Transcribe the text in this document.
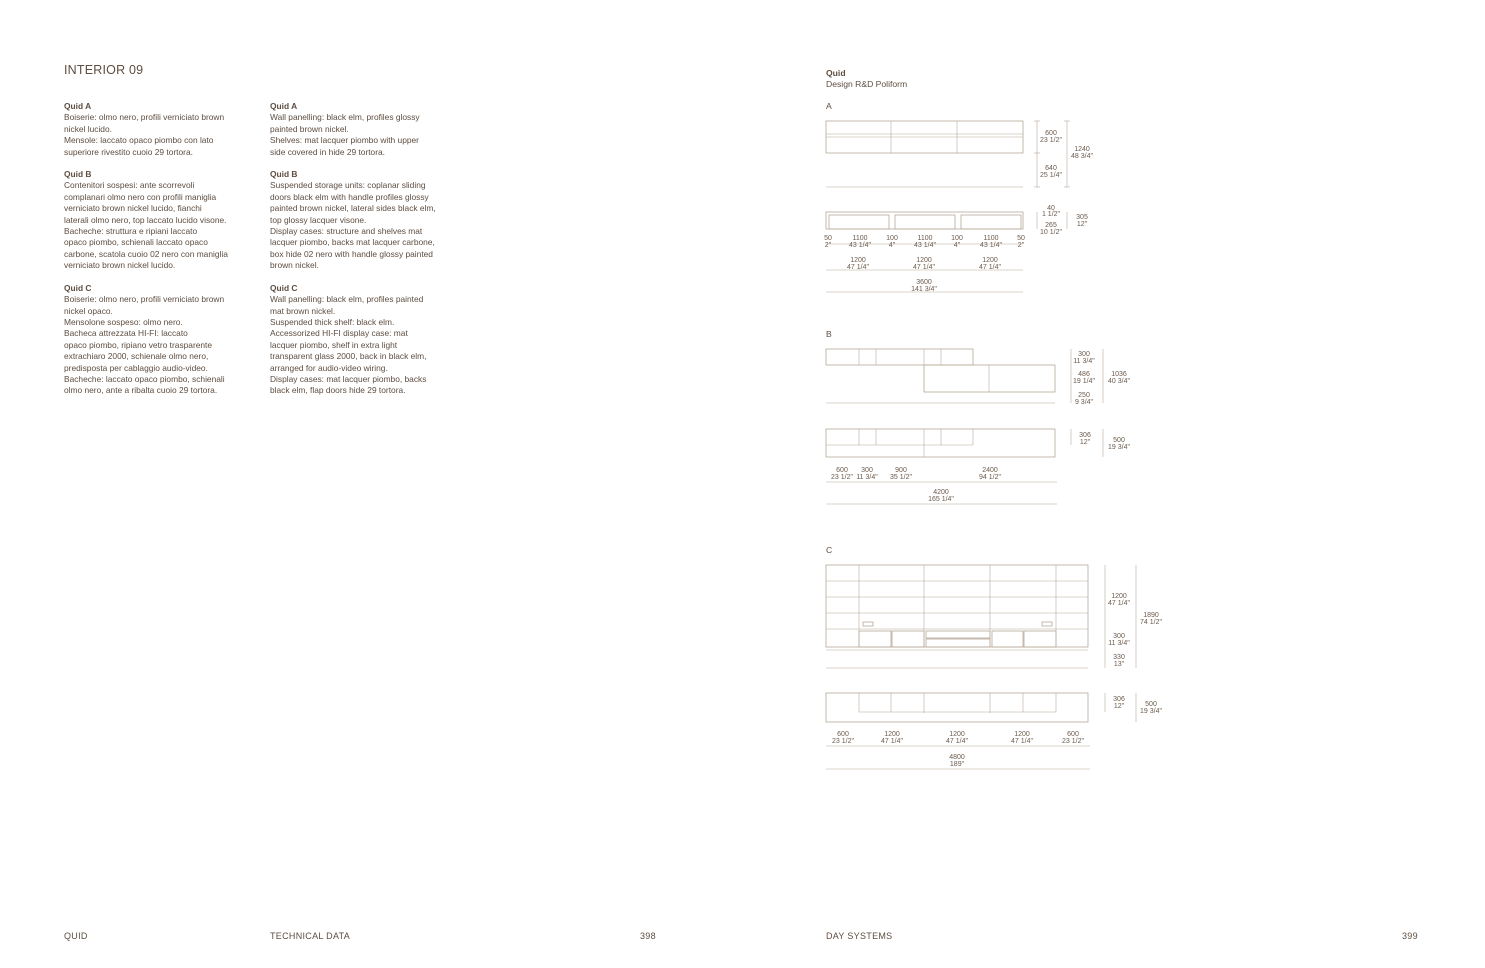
INTERIOR 09
Quid A
Boiserie: olmo nero, profili verniciato brown
nickel lucido.
Mensole: laccato opaco piombo con lato
superiore rivestito cuoio 29 tortora.
Quid B
Contenitori sospesi: ante scorrevoli
complanari olmo nero con profili maniglia
verniciato brown nickel lucido, fianchi
laterali olmo nero, top laccato lucido visone.
Bacheche: struttura e ripiani laccato
opaco piombo, schienali laccato opaco
carbone, scatola cuoio 02 nero con maniglia
verniciato brown nickel lucido.
Quid C
Boiserie: olmo nero, profili verniciato brown
nickel opaco.
Mensolone sospeso: olmo nero.
Bacheca attrezzata HI-FI: laccato
opaco piombo, ripiano vetro trasparente
extrachiaro 2000, schienale olmo nero,
predisposta per cablaggio audio-video.
Bacheche: laccato opaco piombo, schienali
olmo nero, ante a ribalta cuoio 29 tortora.
Quid A
Wall panelling: black elm, profiles glossy
painted brown nickel.
Shelves: mat lacquer piombo with upper
side covered in hide 29 tortora.
Quid B
Suspended storage units: coplanar sliding
doors black elm with handle profiles glossy
painted brown nickel, lateral sides black elm,
top glossy lacquer visone.
Display cases: structure and shelves mat
lacquer piombo, backs mat lacquer carbone,
box hide 02 nero with handle glossy painted
brown nickel.
Quid C
Wall panelling: black elm, profiles painted
mat brown nickel.
Suspended thick shelf: black elm.
Accessorized HI-FI display case: mat
lacquer piombo, shelf in extra light
transparent glass 2000, back in black elm,
arranged for audio-video wiring.
Display cases: mat lacquer piombo, backs
black elm, flap doors hide 29 tortora.
Quid
Design R&D Poliform
A
B
C
600
23 1/2"
640
25 1/4"
1240
48 3/4"
40
1 1/2"
265
10 1/2"
305
12"
50
2"
1100
43 1/4"
100
4"
1100
43 1/4"
100
4"
1100
43 1/4"
50
2"
1200
47 1/4"
1200
47 1/4"
1200
47 1/4"
3600
141 3/4"
300
11 3/4"
486
19 1/4"
250
9 3/4"
1036
40 3/4"
306
12"	500
19 3/4"
600
23 1/2"
300
11 3/4"
900
35 1/2"
2400
94 1/2"
4200
165 1/4"
1200
47 1/4"
300
11 3/4"
330
13"
1890
74 1/2"
306
12"	500
19 3/4"
600
23 1/2"
1200
47 1/4"
1200
47 1/4"
1200
47 1/4"
600
23 1/2"
4800
189"
QUID	TECHNICAL DATA	398	DAY SYSTEMS	399
